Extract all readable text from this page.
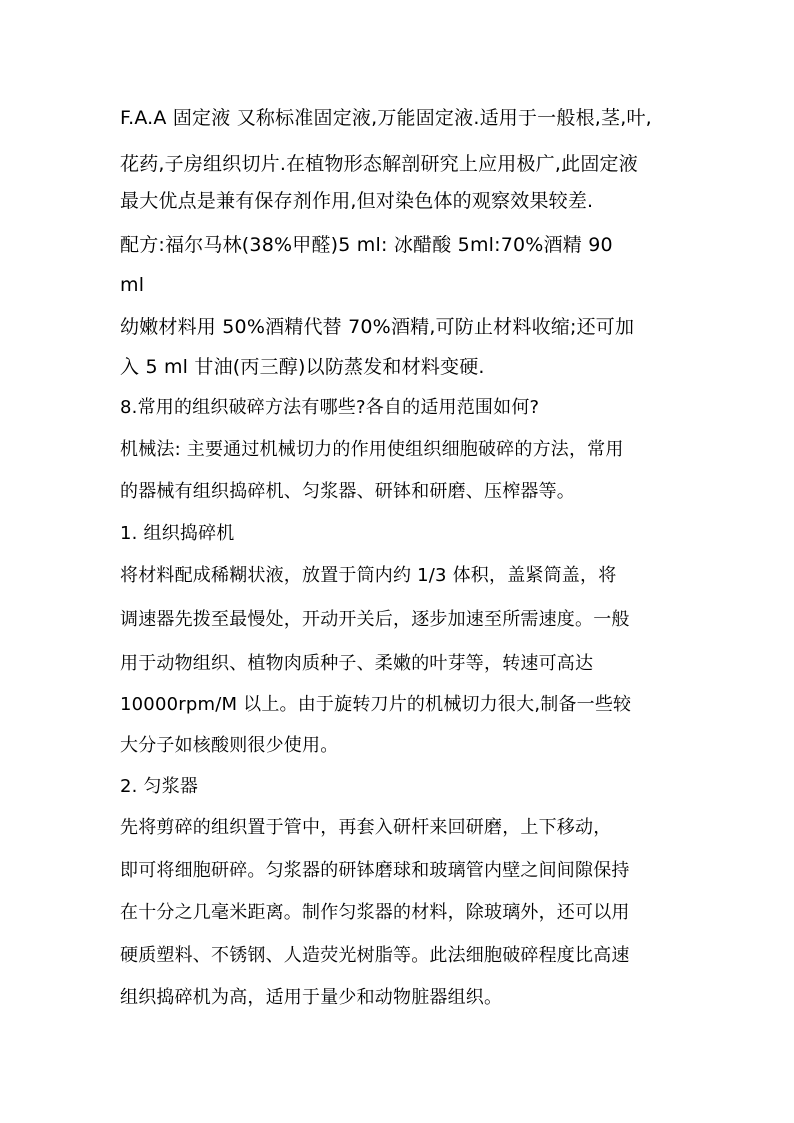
F.A.A 固定液 又称标准固定液,万能固定液.适用于一般根,茎,叶,
花药,子房组织切片.在植物形态解剖研究上应用极广,此固定液
最大优点是兼有保存剂作用,但对染色体的观察效果较差.
配方:福尔马林(38%甲醛)5 ml: 冰醋酸 5ml:70%酒精 90
ml
幼嫩材料用 50%酒精代替 70%酒精,可防止材料收缩;还可加
入 5 ml 甘油(丙三醇)以防蒸发和材料变硬.
8.常用的组织破碎方法有哪些?各自的适用范围如何?
机械法: 主要通过机械切力的作用使组织细胞破碎的方法，常用
的器械有组织捣碎机、匀浆器、研钵和研磨、压榨器等。
1. 组织捣碎机
将材料配成稀糊状液，放置于筒内约 1/3 体积，盖紧筒盖，将
调速器先拨至最慢处，开动开关后，逐步加速至所需速度。一般
用于动物组织、植物肉质种子、柔嫩的叶芽等，转速可高达
10000rpm/M 以上。由于旋转刀片的机械切力很大,制备一些较
大分子如核酸则很少使用。
2. 匀浆器
先将剪碎的组织置于管中，再套入研杆来回研磨，上下移动，
即可将细胞研碎。匀浆器的研钵磨球和玻璃管内壁之间间隙保持
在十分之几毫米距离。制作匀浆器的材料，除玻璃外，还可以用
硬质塑料、不锈钢、人造荧光树脂等。此法细胞破碎程度比高速
组织捣碎机为高，适用于量少和动物脏器组织。
